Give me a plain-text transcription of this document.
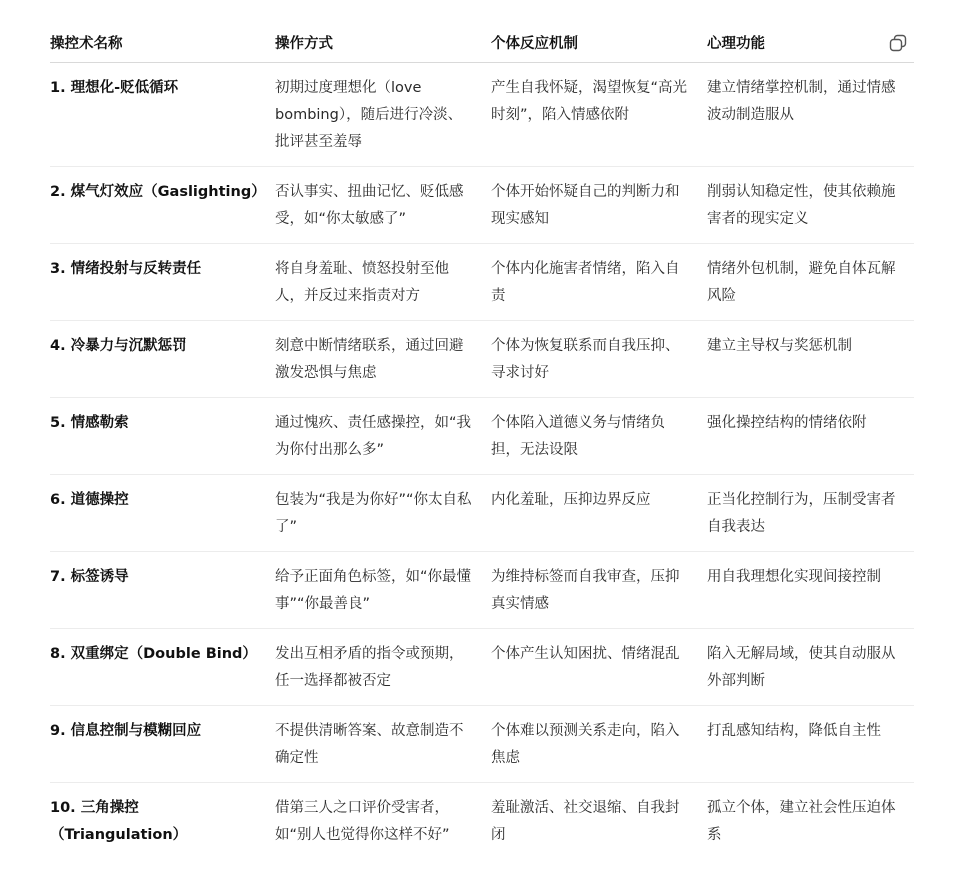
操控术名称	操作方式	个体反应机制	心理功能
1. 理想化-贬低循环	初期过度理想化（love bombing），随后进行冷淡、批评甚至羞辱	产生自我怀疑，渴望恢复“高光时刻”，陷入情感依附	建立情绪掌控机制，通过情感波动制造服从
2. 煤气灯效应（Gaslighting）	否认事实、扭曲记忆、贬低感受，如“你太敏感了”	个体开始怀疑自己的判断力和现实感知	削弱认知稳定性，使其依赖施害者的现实定义
3. 情绪投射与反转责任	将自身羞耻、愤怒投射至他人，并反过来指责对方	个体内化施害者情绪，陷入自责	情绪外包机制，避免自体瓦解风险
4. 冷暴力与沉默惩罚	刻意中断情绪联系，通过回避激发恐惧与焦虑	个体为恢复联系而自我压抑、寻求讨好	建立主导权与奖惩机制
5. 情感勒索	通过愧疚、责任感操控，如“我为你付出那么多”	个体陷入道德义务与情绪负担，无法设限	强化操控结构的情绪依附
6. 道德操控	包装为“我是为你好”“你太自私了”	内化羞耻，压抑边界反应	正当化控制行为，压制受害者自我表达
7. 标签诱导	给予正面角色标签，如“你最懂事”“你最善良”	为维持标签而自我审查，压抑真实情感	用自我理想化实现间接控制
8. 双重绑定（Double Bind）	发出互相矛盾的指令或预期，任一选择都被否定	个体产生认知困扰、情绪混乱	陷入无解局域，使其自动服从外部判断
9. 信息控制与模糊回应	不提供清晰答案、故意制造不确定性	个体难以预测关系走向，陷入焦虑	打乱感知结构，降低自主性
10. 三角操控（Triangulation）	借第三人之口评价受害者，如“别人也觉得你这样不好”	羞耻激活、社交退缩、自我封闭	孤立个体，建立社会性压迫体系
